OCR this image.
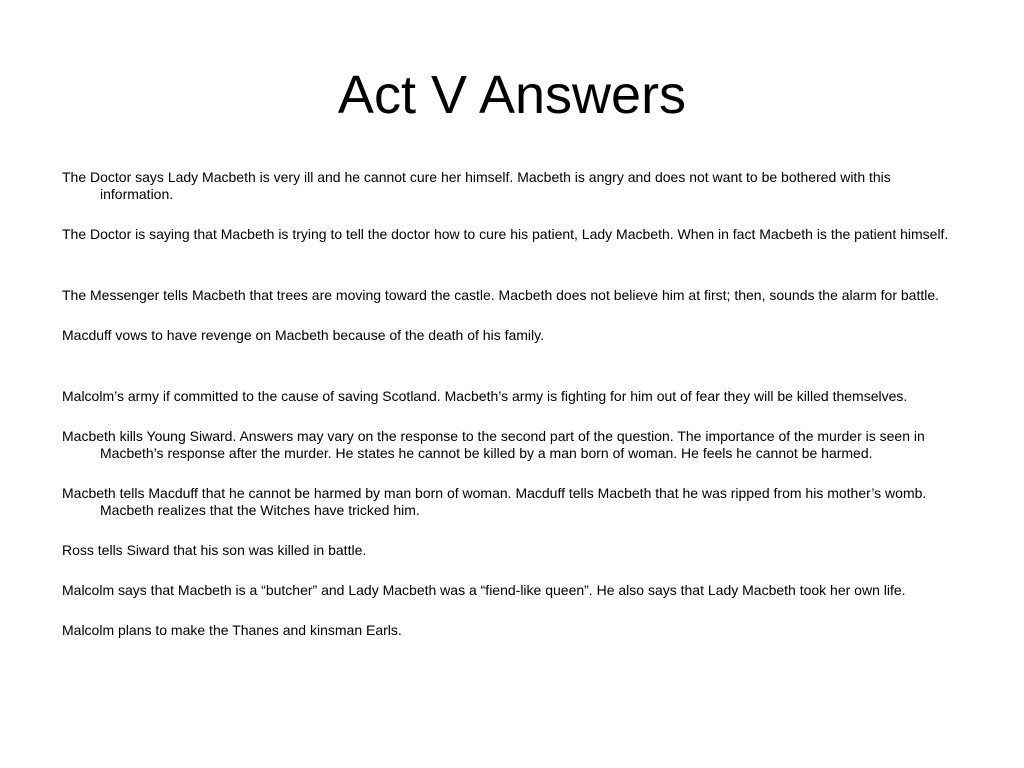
Act V Answers

The Doctor says Lady Macbeth is very ill and he cannot cure her himself. Macbeth is angry and does not want to be bothered with this information.

The Doctor is saying that Macbeth is trying to tell the doctor how to cure his patient, Lady Macbeth. When in fact Macbeth is the patient himself.

The Messenger tells Macbeth that trees are moving toward the castle. Macbeth does not believe him at first; then, sounds the alarm for battle.

Macduff vows to have revenge on Macbeth because of the death of his family.

Malcolm’s army if committed to the cause of saving Scotland. Macbeth’s army is fighting for him out of fear they will be killed themselves.

Macbeth kills Young Siward. Answers may vary on the response to the second part of the question. The importance of the murder is seen in Macbeth’s response after the murder. He states he cannot be killed by a man born of woman. He feels he cannot be harmed.

Macbeth tells Macduff that he cannot be harmed by man born of woman. Macduff tells Macbeth that he was ripped from his mother’s womb. Macbeth realizes that the Witches have tricked him.

Ross tells Siward that his son was killed in battle.

Malcolm says that Macbeth is a “butcher” and Lady Macbeth was a “fiend-like queen”. He also says that Lady Macbeth took her own life.

Malcolm plans to make the Thanes and kinsman Earls.
